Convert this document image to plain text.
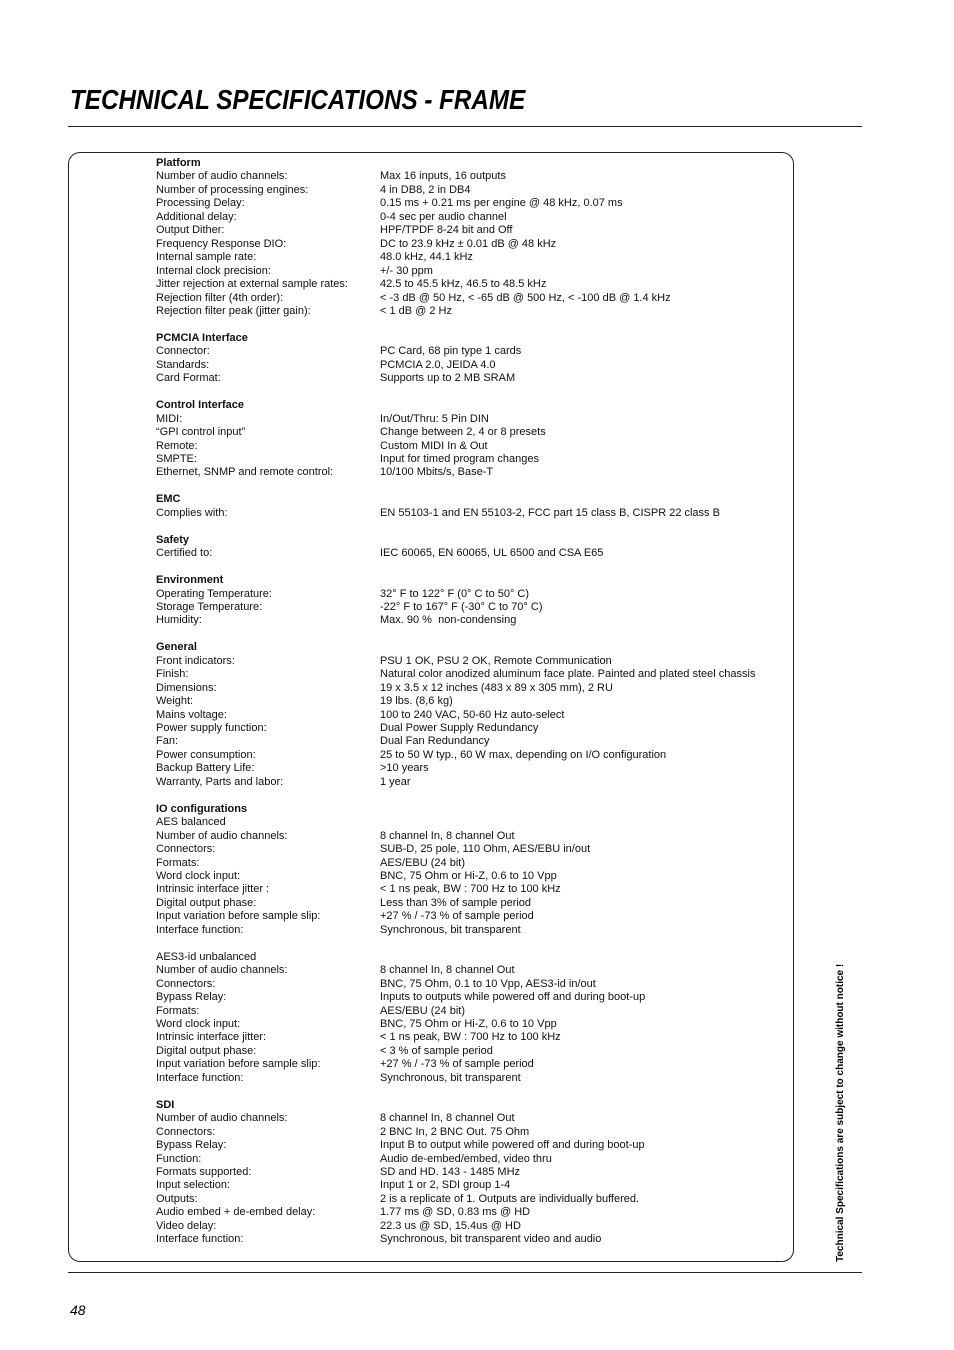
TECHNICAL SPECIFICATIONS - FRAME
Platform
Number of audio channels:	Max 16 inputs, 16 outputs
Number of processing engines:	4 in DB8, 2 in DB4
Processing Delay:	0.15 ms + 0.21 ms per engine @ 48 kHz, 0.07 ms
Additional delay:	0-4 sec per audio channel
Output Dither:	HPF/TPDF 8-24 bit and Off
Frequency Response DIO:	DC to 23.9 kHz ± 0.01 dB @ 48 kHz
Internal sample rate:	48.0 kHz, 44.1 kHz
Internal clock precision:	+/- 30 ppm
Jitter rejection at external sample rates:	42.5 to 45.5 kHz, 46.5 to 48.5 kHz
Rejection filter (4th order):	< -3 dB @ 50 Hz, < -65 dB @ 500 Hz, < -100 dB @ 1.4 kHz
Rejection filter peak (jitter gain):	< 1 dB @ 2 Hz
PCMCIA Interface
Connector:	PC Card, 68 pin type 1 cards
Standards:	PCMCIA 2.0, JEIDA 4.0
Card Format:	Supports up to 2 MB SRAM
Control Interface
MIDI:	In/Out/Thru: 5 Pin DIN
“GPI control input”	Change between 2, 4 or 8 presets
Remote:	Custom MIDI In & Out
SMPTE:	Input for timed program changes
Ethernet, SNMP and remote control:	10/100 Mbits/s, Base-T
EMC
Complies with:	EN 55103-1 and EN 55103-2, FCC part 15 class B, CISPR 22 class B
Safety
Certified to:	IEC 60065, EN 60065, UL 6500 and CSA E65
Environment
Operating Temperature:	32° F to 122° F (0° C to 50° C)
Storage Temperature:	-22° F to 167° F (-30° C to 70° C)
Humidity:	Max. 90 %  non-condensing
General
Front indicators:	PSU 1 OK, PSU 2 OK, Remote Communication
Finish:	Natural color anodized aluminum face plate. Painted and plated steel chassis
Dimensions:	19 x 3.5 x 12 inches (483 x 89 x 305 mm), 2 RU
Weight:	19 lbs. (8,6 kg)
Mains voltage:	100 to 240 VAC, 50-60 Hz auto-select
Power supply function:	Dual Power Supply Redundancy
Fan:	Dual Fan Redundancy
Power consumption:	25 to 50 W typ., 60 W max, depending on I/O configuration
Backup Battery Life:	>10 years
Warranty, Parts and labor:	1 year
IO configurations
AES balanced
Number of audio channels:	8 channel In, 8 channel Out
Connectors:	SUB-D, 25 pole, 110 Ohm, AES/EBU in/out
Formats:	AES/EBU (24 bit)
Word clock input:	BNC, 75 Ohm or Hi-Z, 0.6 to 10 Vpp
Intrinsic interface jitter :	< 1 ns peak, BW : 700 Hz to 100 kHz
Digital output phase:	Less than 3% of sample period
Input variation before sample slip:	+27 % / -73 % of sample period
Interface function:	Synchronous, bit transparent
AES3-id unbalanced
Number of audio channels:	8 channel In, 8 channel Out
Connectors:	BNC, 75 Ohm, 0.1 to 10 Vpp, AES3-id in/out
Bypass Relay:	Inputs to outputs while powered off and during boot-up
Formats:	AES/EBU (24 bit)
Word clock input:	BNC, 75 Ohm or Hi-Z, 0.6 to 10 Vpp
Intrinsic interface jitter:	< 1 ns peak, BW : 700 Hz to 100 kHz
Digital output phase:	< 3 % of sample period
Input variation before sample slip:	+27 % / -73 % of sample period
Interface function:	Synchronous, bit transparent
SDI
Number of audio channels:	8 channel In, 8 channel Out
Connectors:	2 BNC In, 2 BNC Out. 75 Ohm
Bypass Relay:	Input B to output while powered off and during boot-up
Function:	Audio de-embed/embed, video thru
Formats supported:	SD and HD. 143 - 1485 MHz
Input selection:	Input 1 or 2, SDI group 1-4
Outputs:	2 is a replicate of 1. Outputs are individually buffered.
Audio embed + de-embed delay:	1.77 ms @ SD, 0.83 ms @ HD
Video delay:	22.3 us @ SD, 15.4us @ HD
Interface function:	Synchronous, bit transparent video and audio	Technical Specifications are subject to change without notice !
48
